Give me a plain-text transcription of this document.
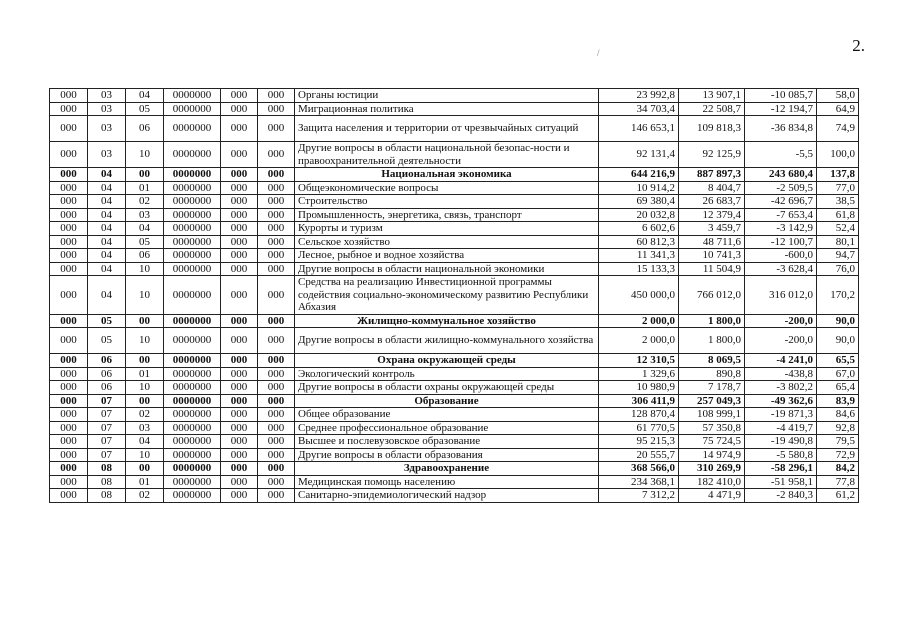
2.
/
000	03	04	0000000	000	000	Органы юстиции	23 992,8	13 907,1	-10 085,7	58,0
000	03	05	0000000	000	000	Миграционная политика	34 703,4	22 508,7	-12 194,7	64,9
000	03	06	0000000	000	000	Защита населения и территории от чрезвычайных ситуаций	146 653,1	109 818,3	-36 834,8	74,9
000	03	10	0000000	000	000	Другие вопросы в области национальной безопас-ности и правоохранительной деятельности	92 131,4	92 125,9	-5,5	100,0
000	04	00	0000000	000	000	Национальная экономика	644 216,9	887 897,3	243 680,4	137,8
000	04	01	0000000	000	000	Общеэкономические вопросы	10 914,2	8 404,7	-2 509,5	77,0
000	04	02	0000000	000	000	Строительство	69 380,4	26 683,7	-42 696,7	38,5
000	04	03	0000000	000	000	Промышленность, энергетика, связь, транспорт	20 032,8	12 379,4	-7 653,4	61,8
000	04	04	0000000	000	000	Курорты и туризм	6 602,6	3 459,7	-3 142,9	52,4
000	04	05	0000000	000	000	Сельское хозяйство	60 812,3	48 711,6	-12 100,7	80,1
000	04	06	0000000	000	000	Лесное, рыбное и водное хозяйства	11 341,3	10 741,3	-600,0	94,7
000	04	10	0000000	000	000	Другие вопросы в области национальной экономики	15 133,3	11 504,9	-3 628,4	76,0
000	04	10	0000000	000	000	Средства на реализацию Инвестиционной программы содействия социально-экономическому развитию Республики Абхазия	450 000,0	766 012,0	316 012,0	170,2
000	05	00	0000000	000	000	Жилищно-коммунальное хозяйство	2 000,0	1 800,0	-200,0	90,0
000	05	10	0000000	000	000	Другие вопросы в области жилищно-коммунального хозяйства	2 000,0	1 800,0	-200,0	90,0
000	06	00	0000000	000	000	Охрана окружающей среды	12 310,5	8 069,5	-4 241,0	65,5
000	06	01	0000000	000	000	Экологический контроль	1 329,6	890,8	-438,8	67,0
000	06	10	0000000	000	000	Другие вопросы в области охраны окружающей среды	10 980,9	7 178,7	-3 802,2	65,4
000	07	00	0000000	000	000	Образование	306 411,9	257 049,3	-49 362,6	83,9
000	07	02	0000000	000	000	Общее образование	128 870,4	108 999,1	-19 871,3	84,6
000	07	03	0000000	000	000	Среднее профессиональное образование	61 770,5	57 350,8	-4 419,7	92,8
000	07	04	0000000	000	000	Высшее и послевузовское образование	95 215,3	75 724,5	-19 490,8	79,5
000	07	10	0000000	000	000	Другие вопросы в области образования	20 555,7	14 974,9	-5 580,8	72,9
000	08	00	0000000	000	000	Здравоохранение	368 566,0	310 269,9	-58 296,1	84,2
000	08	01	0000000	000	000	Медицинская помощь населению	234 368,1	182 410,0	-51 958,1	77,8
000	08	02	0000000	000	000	Санитарно-эпидемиологический надзор	7 312,2	4 471,9	-2 840,3	61,2
